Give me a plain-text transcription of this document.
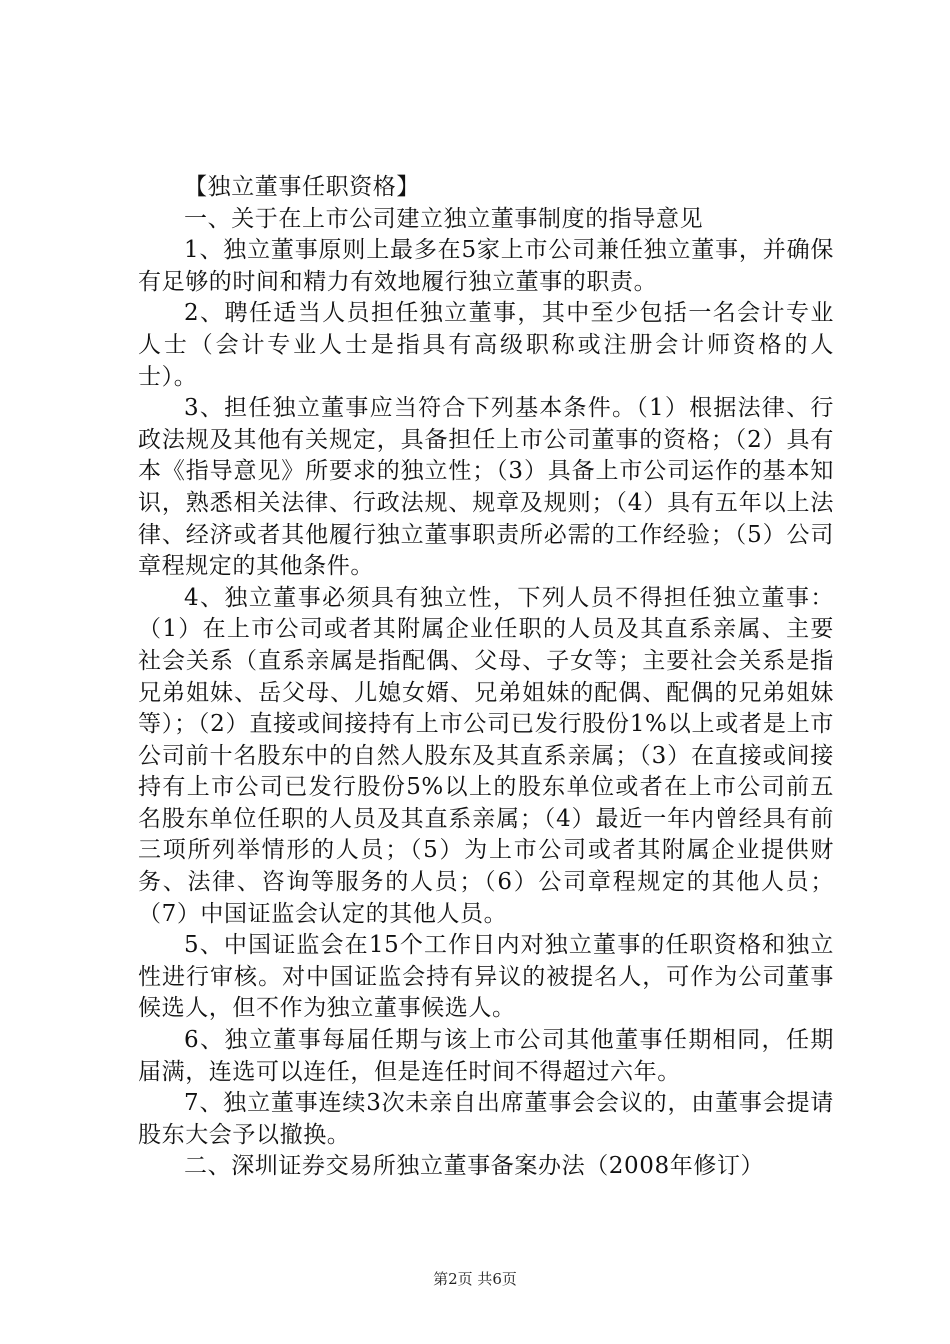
【独立董事任职资格】

一、关于在上市公司建立独立董事制度的指导意见

1、独立董事原则上最多在5家上市公司兼任独立董事，并确保有足够的时间和精力有效地履行独立董事的职责。

2、聘任适当人员担任独立董事，其中至少包括一名会计专业人士（会计专业人士是指具有高级职称或注册会计师资格的人士）。

3、担任独立董事应当符合下列基本条件。（1）根据法律、行政法规及其他有关规定，具备担任上市公司董事的资格；（2）具有本《指导意见》所要求的独立性；（3）具备上市公司运作的基本知识，熟悉相关法律、行政法规、规章及规则；（4）具有五年以上法律、经济或者其他履行独立董事职责所必需的工作经验；（5）公司章程规定的其他条件。

4、独立董事必须具有独立性，下列人员不得担任独立董事：（1）在上市公司或者其附属企业任职的人员及其直系亲属、主要社会关系（直系亲属是指配偶、父母、子女等；主要社会关系是指兄弟姐妹、岳父母、儿媳女婿、兄弟姐妹的配偶、配偶的兄弟姐妹等）；（2）直接或间接持有上市公司已发行股份1%以上或者是上市公司前十名股东中的自然人股东及其直系亲属；（3）在直接或间接持有上市公司已发行股份5%以上的股东单位或者在上市公司前五名股东单位任职的人员及其直系亲属；（4）最近一年内曾经具有前三项所列举情形的人员；（5）为上市公司或者其附属企业提供财务、法律、咨询等服务的人员；（6）公司章程规定的其他人员；（7）中国证监会认定的其他人员。

5、中国证监会在15个工作日内对独立董事的任职资格和独立性进行审核。对中国证监会持有异议的被提名人，可作为公司董事候选人，但不作为独立董事候选人。

6、独立董事每届任期与该上市公司其他董事任期相同，任期届满，连选可以连任，但是连任时间不得超过六年。

7、独立董事连续3次未亲自出席董事会会议的，由董事会提请股东大会予以撤换。

二、深圳证券交易所独立董事备案办法（2008年修订）

第2页 共6页
